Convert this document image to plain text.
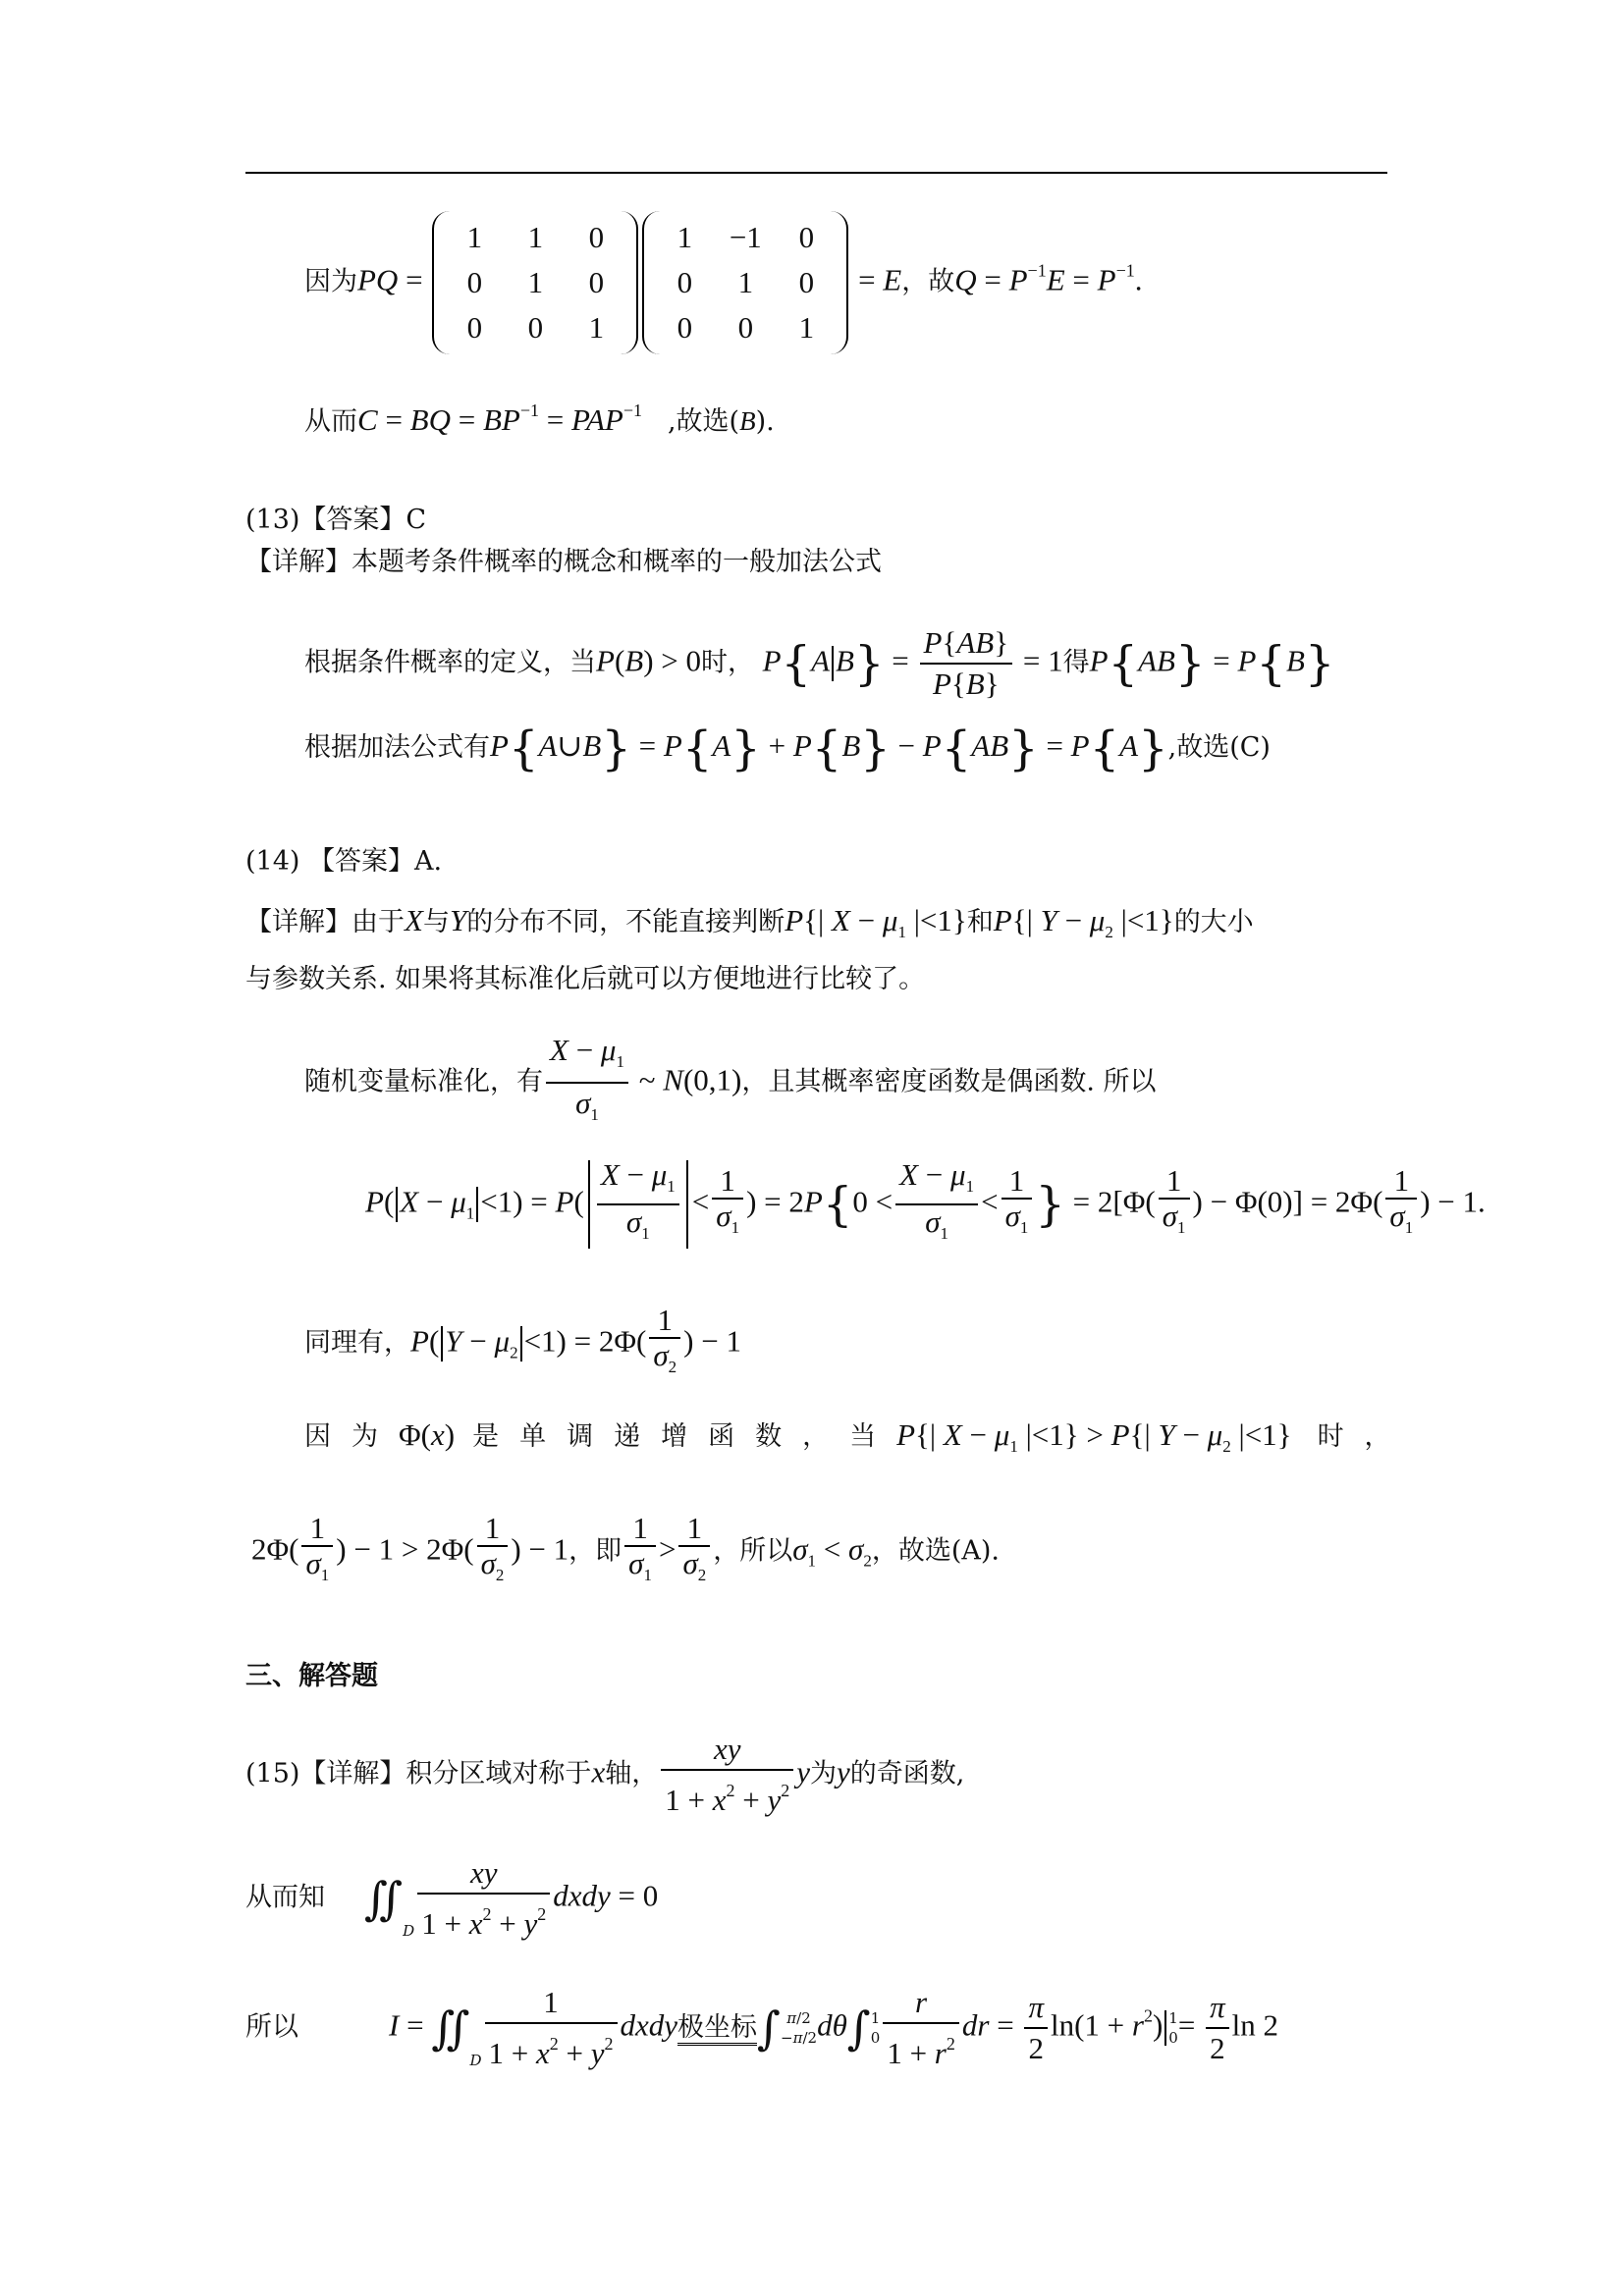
因为PQ =
1	1	0
0	1	0
0	0	1
1	−1	0
0	1	0
0	0	1
= E，故$Q = P^{-1}E = P^{-1}$.
从而C = BQ = $BP^{-1} = PAP^{-1}$ ,故选(B).
(13)【答案】C
【详解】本题考条件概率的概念和概率的一般加法公式
根据条件概率的定义，当P(B) > 0时， P{A $B\} = \frac{P\{AB\}}{P\{B\}} = 1$得P{AB} = P{B}
根据加法公式有P{A∪B} = P{A} + P{B} − P{AB} = P{A},故选(C)
(14) 【答案】A.
【详解】由于X与Y的分布不同，不能直接判断P{| $X - \mu_1$ |<1}和P{| $Y - \mu_2$ |<1}的大小
与参数关系. 如果将其标准化后就可以方便地进行比较了。
随机变量标准化，有 $\frac{X - \mu_1}{\sigma_1}$ ~ N(0,1)，且其概率密度函数是偶函数. 所以
P( $X - \mu_1 <1) = P( \frac{X - \mu_1}{\sigma_1} < \frac{1}{\sigma_1}$ ) = $2P\{0 < \frac{X - \mu_1}{\sigma_1} < \frac{1}{\sigma_1}$ } = $2[\Phi( \frac{1}{\sigma_1}$ ) − $\Phi(0)] = 2\Phi( \frac{1}{\sigma_1}$ ) − 1.
同理有，P( $Y - \mu_2 <1) = 2\Phi( \frac{1}{\sigma_2}$ ) − 1
因为Φ(x) 是单调递增函数，当P{| $X - \mu_1$ |<1} > P{| $Y - \mu_2$ |<1} 时，
$2\Phi( \frac{1}{\sigma_1}$ ) − $1 > 2\Phi( \frac{1}{\sigma_2}$ ) − 1，即 $\frac{1}{\sigma_1} > \frac{1}{\sigma_2}$ ，所以$\sigma_1 < \sigma_2$，故选(A).
三、解答题
(15)【详解】积分区域对称于x轴， $\frac{xy}{1 + x^2 + y^2}$ y为y的奇函数,
从而知 ∬D $\frac{xy}{1 + x^2 + y^2}$ dxdy = 0
所以	I = ∬D $\frac{1}{1 + x^2 + y^2}$ dxdy极坐标∫ π/2
−π/2dθ∫1
$0 \frac{r}{1 + r^2}$ dr = $\frac{\pi}{2} \ln(1 + r^2)$ 1
$0= \frac{\pi}{2}$ ln 2
